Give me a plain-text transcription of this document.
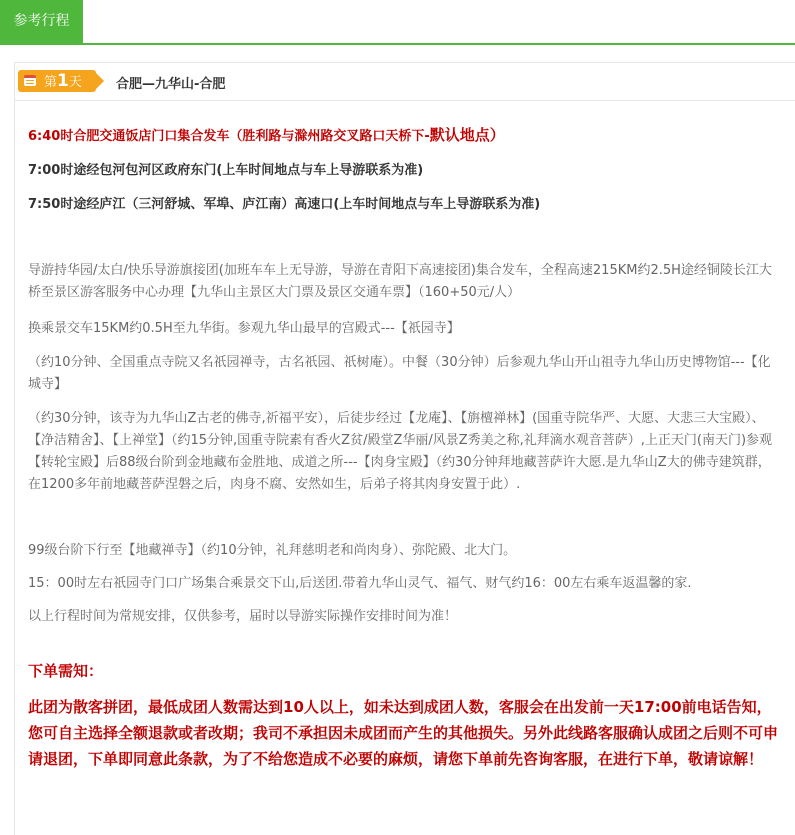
参考行程
第1天	合肥—九华山-合肥
6:40时合肥交通饭店门口集合发车（胜利路与滁州路交叉路口天桥下-默认地点）
7:00时途经包河包河区政府东门(上车时间地点与车上导游联系为准)
7:50时途经庐江（三河舒城、军埠、庐江南）高速口(上车时间地点与车上导游联系为准)
导游持华园/太白/快乐导游旗接团(加班车车上无导游，导游在青阳下高速接团)集合发车，全程高速215KM约2.5H途经铜陵长江大桥至景区游客服务中心办理【九华山主景区大门票及景区交通车票】（160+50元/人）
换乘景交车15KM约0.5H至九华街。参观九华山最早的宫殿式---【祇园寺】
（约10分钟、全国重点寺院又名祇园禅寺，古名祇园、祇树庵）。中餐（30分钟）后参观九华山开山祖寺九华山历史博物馆---【化城寺】
（约30分钟，该寺为九华山Z古老的佛寺,祈福平安），后徒步经过【龙庵】、【旃檀禅林】(国重寺院华严、大愿、大悲三大宝殿）、【净洁精舍】、【上禅堂】（约15分钟,国重寺院素有香火Z贫/殿堂Z华丽/风景Z秀美之称,礼拜滴水观音菩萨）,上正天门(南天门)参观【转轮宝殿】后88级台阶到金地藏布金胜地、成道之所---【肉身宝殿】（约30分钟拜地藏菩萨许大愿.是九华山Z大的佛寺建筑群，在1200多年前地藏菩萨涅磐之后，肉身不腐、安然如生，后弟子将其肉身安置于此）.
99级台阶下行至【地藏禅寺】（约10分钟，礼拜慈明老和尚肉身）、弥陀殿、北大门。
15：00时左右祇园寺门口广场集合乘景交下山,后送团.带着九华山灵气、福气、财气约16：00左右乘车返温馨的家.
以上行程时间为常规安排，仅供参考，届时以导游实际操作安排时间为准！
下单需知：
此团为散客拼团，最低成团人数需达到10人以上，如未达到成团人数，客服会在出发前一天17:00前电话告知，您可自主选择全额退款或者改期；我司不承担因未成团而产生的其他损失。另外此线路客服确认成团之后则不可申请退团，下单即同意此条款，为了不给您造成不必要的麻烦，请您下单前先咨询客服，在进行下单，敬请谅解！
